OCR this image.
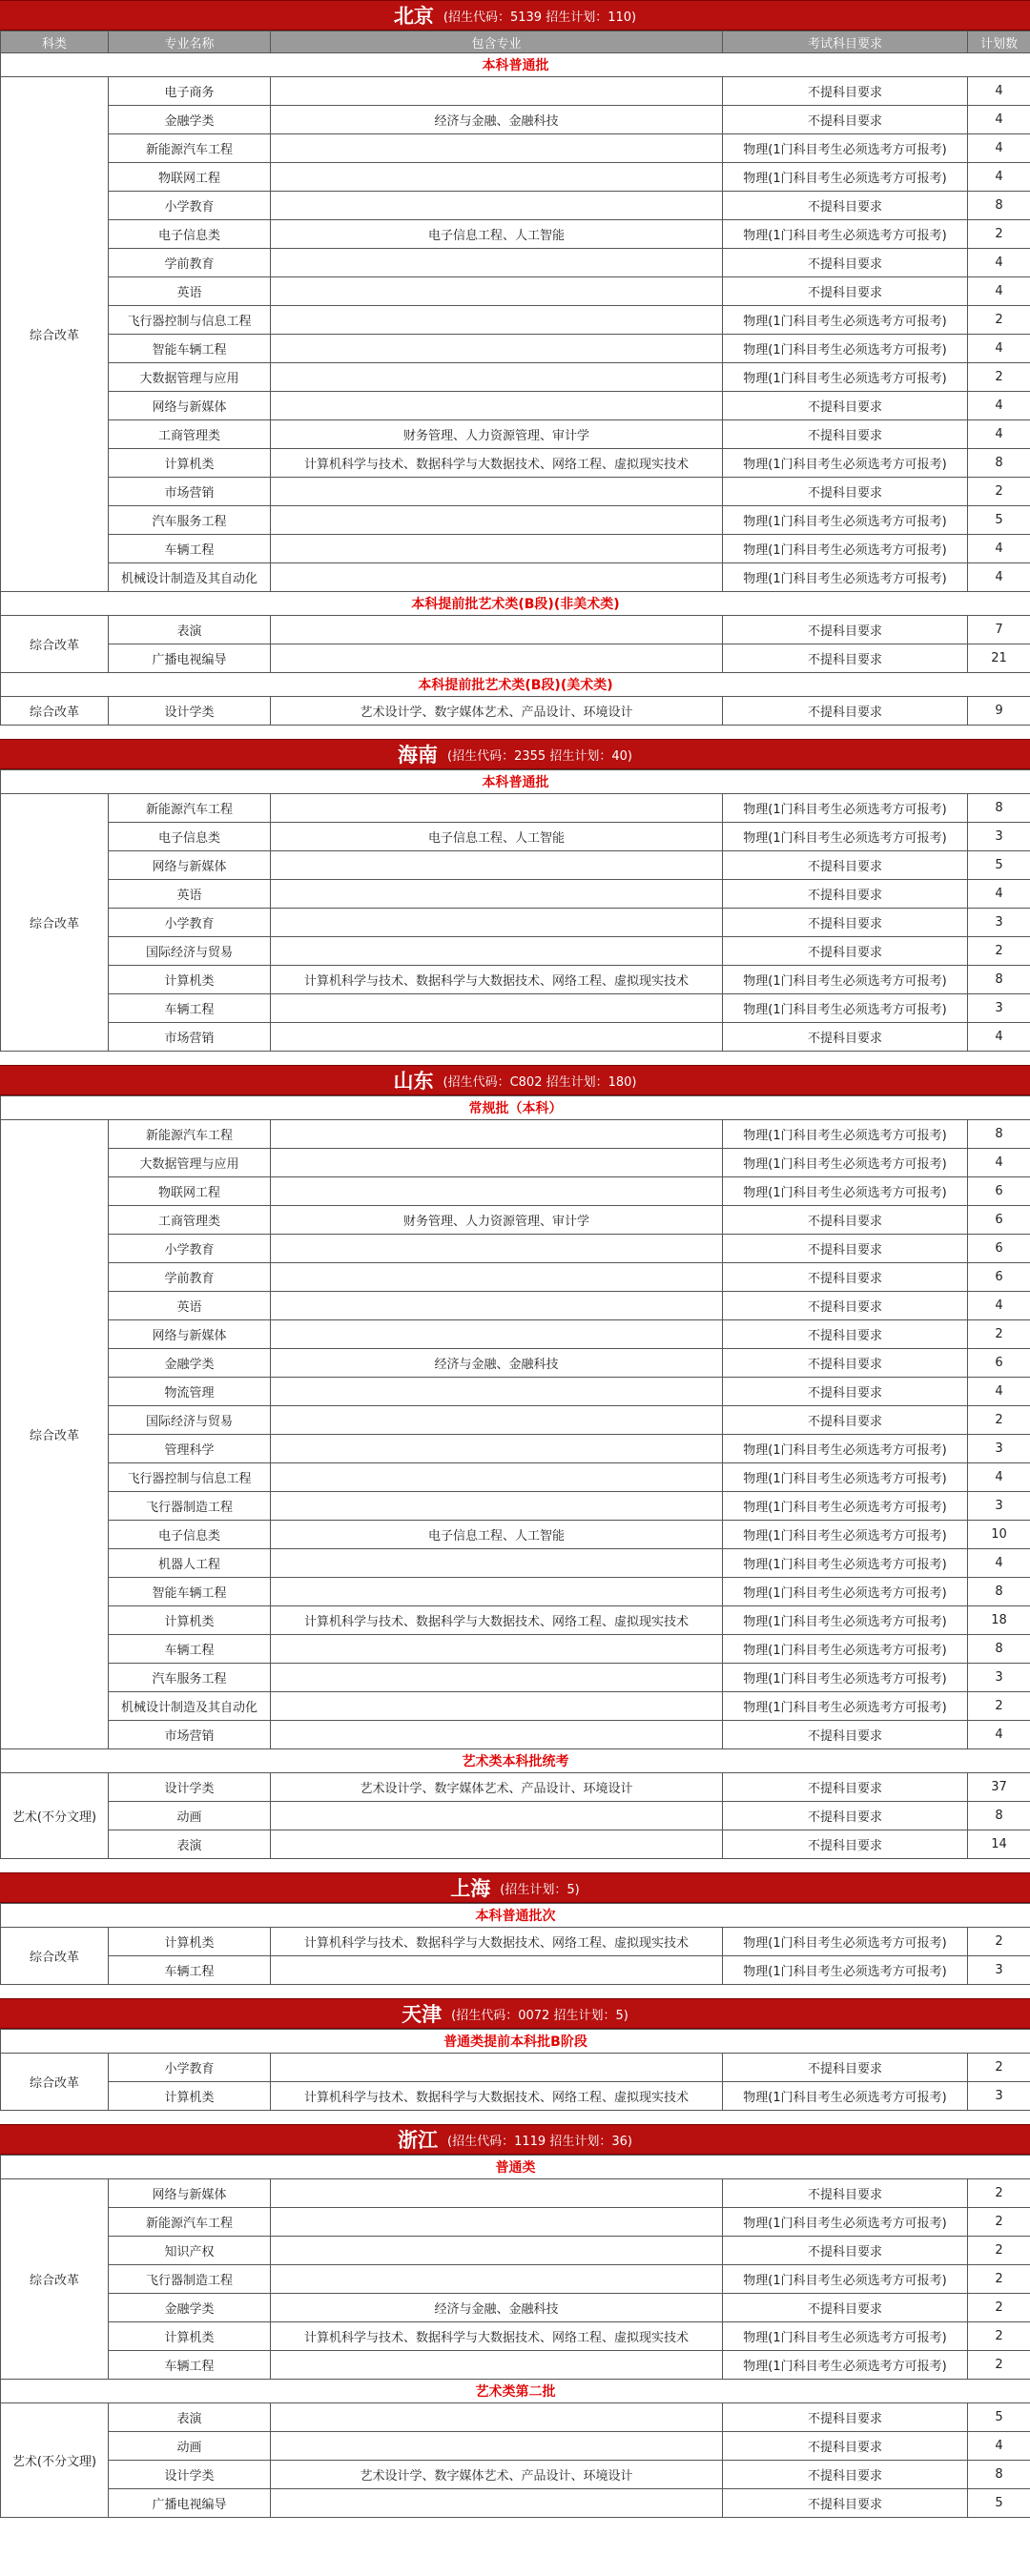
北京 (招生代码：5139 招生计划：110)
科类	专业名称	包含专业	考试科目要求	计划数
本科普通批				
综合改革	电子商务		不提科目要求	4
	金融学类	经济与金融、金融科技	不提科目要求	4
	新能源汽车工程		物理(1门科目考生必须选考方可报考)	4
	物联网工程		物理(1门科目考生必须选考方可报考)	4
	小学教育		不提科目要求	8
	电子信息类	电子信息工程、人工智能	物理(1门科目考生必须选考方可报考)	2
	学前教育		不提科目要求	4
	英语		不提科目要求	4
	飞行器控制与信息工程		物理(1门科目考生必须选考方可报考)	2
	智能车辆工程		物理(1门科目考生必须选考方可报考)	4
	大数据管理与应用		物理(1门科目考生必须选考方可报考)	2
	网络与新媒体		不提科目要求	4
	工商管理类	财务管理、人力资源管理、审计学	不提科目要求	4
	计算机类	计算机科学与技术、数据科学与大数据技术、网络工程、虚拟现实技术	物理(1门科目考生必须选考方可报考)	8
	市场营销		不提科目要求	2
	汽车服务工程		物理(1门科目考生必须选考方可报考)	5
	车辆工程		物理(1门科目考生必须选考方可报考)	4
	机械设计制造及其自动化		物理(1门科目考生必须选考方可报考)	4
本科提前批艺术类(B段)(非美术类)				
综合改革	表演		不提科目要求	7
	广播电视编导		不提科目要求	21
本科提前批艺术类(B段)(美术类)				
综合改革	设计学类	艺术设计学、数字媒体艺术、产品设计、环境设计	不提科目要求	9
海南 (招生代码：2355 招生计划：40)
本科普通批				
综合改革	新能源汽车工程		物理(1门科目考生必须选考方可报考)	8
	电子信息类	电子信息工程、人工智能	物理(1门科目考生必须选考方可报考)	3
	网络与新媒体		不提科目要求	5
	英语		不提科目要求	4
	小学教育		不提科目要求	3
	国际经济与贸易		不提科目要求	2
	计算机类	计算机科学与技术、数据科学与大数据技术、网络工程、虚拟现实技术	物理(1门科目考生必须选考方可报考)	8
	车辆工程		物理(1门科目考生必须选考方可报考)	3
	市场营销		不提科目要求	4
山东 (招生代码：C802 招生计划：180)
常规批（本科）				
综合改革	新能源汽车工程		物理(1门科目考生必须选考方可报考)	8
	大数据管理与应用		物理(1门科目考生必须选考方可报考)	4
	物联网工程		物理(1门科目考生必须选考方可报考)	6
	工商管理类	财务管理、人力资源管理、审计学	不提科目要求	6
	小学教育		不提科目要求	6
	学前教育		不提科目要求	6
	英语		不提科目要求	4
	网络与新媒体		不提科目要求	2
	金融学类	经济与金融、金融科技	不提科目要求	6
	物流管理		不提科目要求	4
	国际经济与贸易		不提科目要求	2
	管理科学		物理(1门科目考生必须选考方可报考)	3
	飞行器控制与信息工程		物理(1门科目考生必须选考方可报考)	4
	飞行器制造工程		物理(1门科目考生必须选考方可报考)	3
	电子信息类	电子信息工程、人工智能	物理(1门科目考生必须选考方可报考)	10
	机器人工程		物理(1门科目考生必须选考方可报考)	4
	智能车辆工程		物理(1门科目考生必须选考方可报考)	8
	计算机类	计算机科学与技术、数据科学与大数据技术、网络工程、虚拟现实技术	物理(1门科目考生必须选考方可报考)	18
	车辆工程		物理(1门科目考生必须选考方可报考)	8
	汽车服务工程		物理(1门科目考生必须选考方可报考)	3
	机械设计制造及其自动化		物理(1门科目考生必须选考方可报考)	2
	市场营销		不提科目要求	4
艺术类本科批统考				
艺术(不分文理)	设计学类	艺术设计学、数字媒体艺术、产品设计、环境设计	不提科目要求	37
	动画		不提科目要求	8
	表演		不提科目要求	14
上海 (招生计划：5)
本科普通批次				
综合改革	计算机类	计算机科学与技术、数据科学与大数据技术、网络工程、虚拟现实技术	物理(1门科目考生必须选考方可报考)	2
	车辆工程		物理(1门科目考生必须选考方可报考)	3
天津 (招生代码：0072 招生计划：5)
普通类提前本科批B阶段				
综合改革	小学教育		不提科目要求	2
	计算机类	计算机科学与技术、数据科学与大数据技术、网络工程、虚拟现实技术	物理(1门科目考生必须选考方可报考)	3
浙江 (招生代码：1119 招生计划：36)
普通类				
综合改革	网络与新媒体		不提科目要求	2
	新能源汽车工程		物理(1门科目考生必须选考方可报考)	2
	知识产权		不提科目要求	2
	飞行器制造工程		物理(1门科目考生必须选考方可报考)	2
	金融学类	经济与金融、金融科技	不提科目要求	2
	计算机类	计算机科学与技术、数据科学与大数据技术、网络工程、虚拟现实技术	物理(1门科目考生必须选考方可报考)	2
	车辆工程		物理(1门科目考生必须选考方可报考)	2
艺术类第二批				
艺术(不分文理)	表演		不提科目要求	5
	动画		不提科目要求	4
	设计学类	艺术设计学、数字媒体艺术、产品设计、环境设计	不提科目要求	8
	广播电视编导		不提科目要求	5
